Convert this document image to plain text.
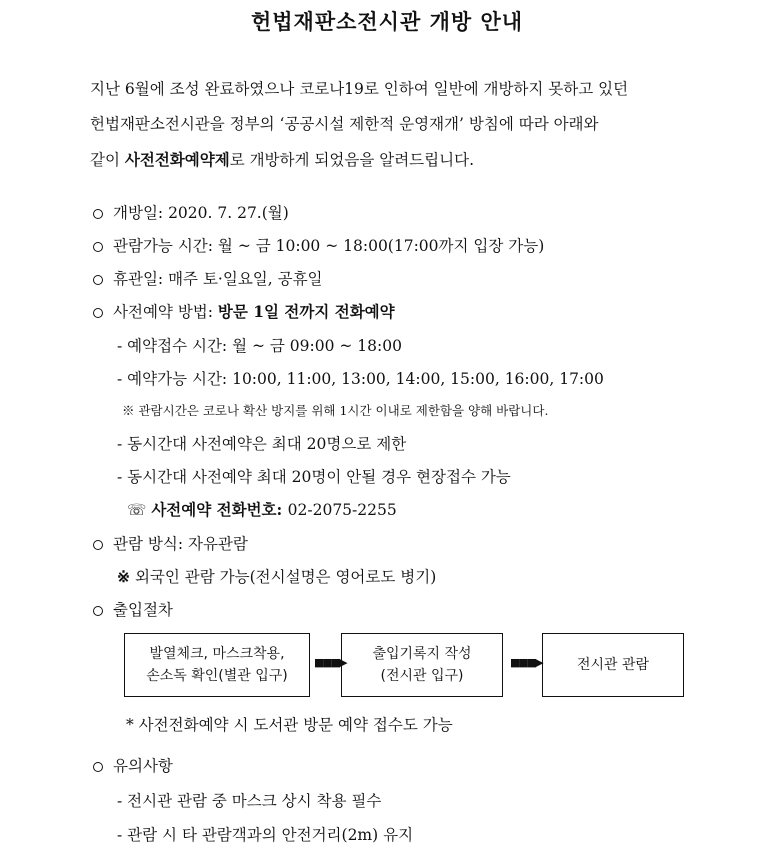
헌법재판소전시관 개방 안내
지난 6월에 조성 완료하였으나 코로나19로 인하여 일반에 개방하지 못하고 있던
헌법재판소전시관을 정부의 ‘공공시설 제한적 운영재개’ 방침에 따라 아래와
같이 사전전화예약제로 개방하게 되었음을 알려드립니다.
개방일: 2020. 7. 27.(월)
관람가능 시간: 월 ~ 금 10:00 ~ 18:00(17:00까지 입장 가능)
휴관일: 매주 토·일요일, 공휴일
사전예약 방법: 방문 1일 전까지 전화예약
- 예약접수 시간: 월 ~ 금 09:00 ~ 18:00
- 예약가능 시간: 10:00, 11:00, 13:00, 14:00, 15:00, 16:00, 17:00
※ 관람시간은 코로나 확산 방지를 위해 1시간 이내로 제한함을 양해 바랍니다.
- 동시간대 사전예약은 최대 20명으로 제한
- 동시간대 사전예약 최대 20명이 안될 경우 현장접수 가능
☏ 사전예약 전화번호: 02-2075-2255
관람 방식: 자유관람
※ 외국인 관람 가능(전시설명은 영어로도 병기)
출입절차
발열체크, 마스크착용,
손소독 확인(별관 입구)
■■■▶
출입기록지 작성
(전시관 입구)
■■■▶	전시관 관람
* 사전전화예약 시 도서관 방문 예약 접수도 가능
유의사항
- 전시관 관람 중 마스크 상시 착용 필수
- 관람 시 타 관람객과의 안전거리(2m) 유지
